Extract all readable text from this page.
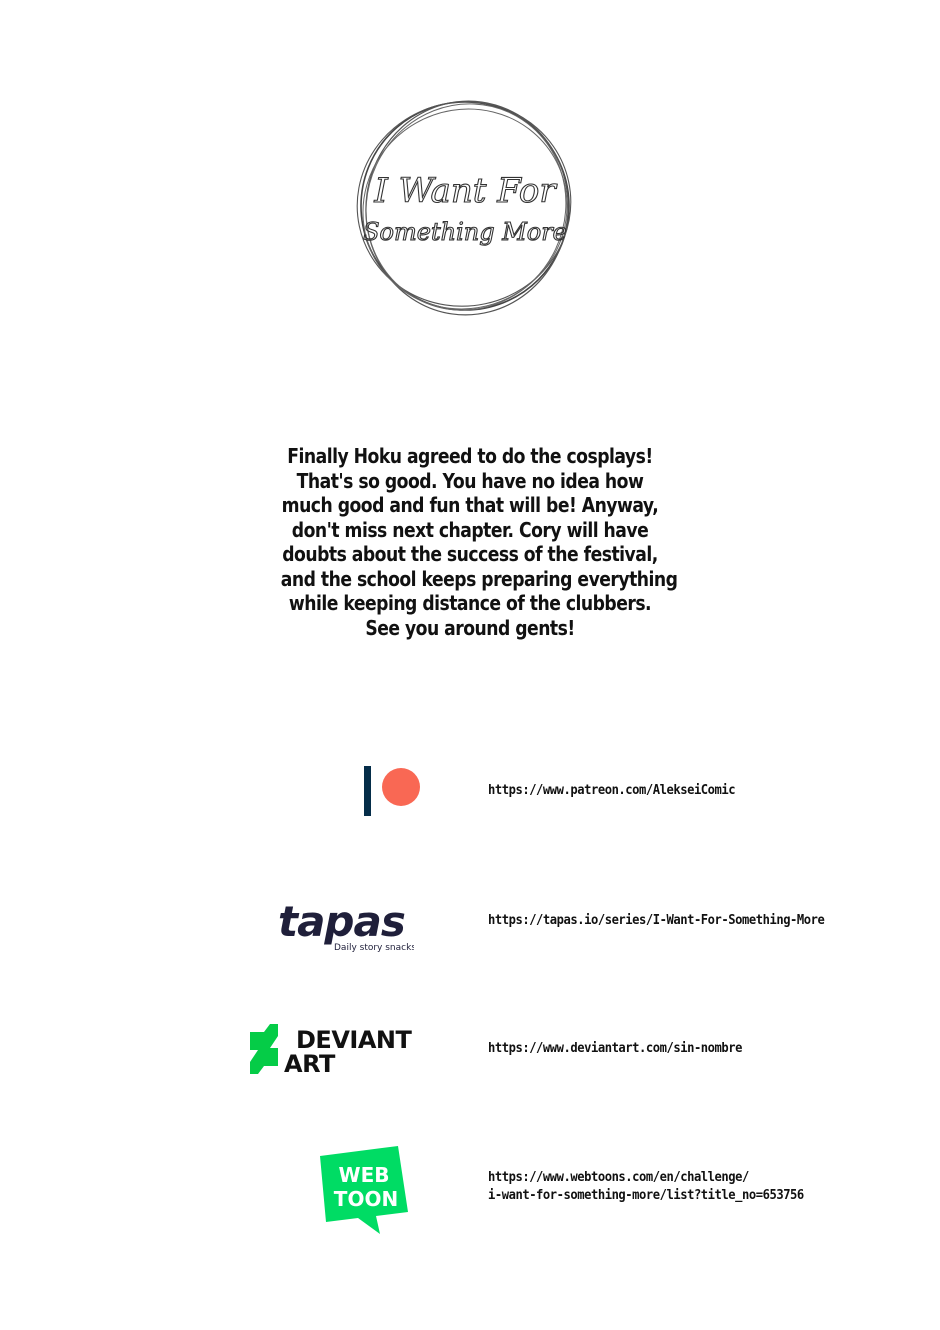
I Want For
Something More
Finally Hoku agreed to do the cosplays!
That's so good. You have no idea how
much good and fun that will be! Anyway,
don't miss next chapter. Cory will have
doubts about the success of the festival,
and the school keeps preparing everything
while keeping distance of the clubbers.
See you around gents!
https://www.patreon.com/AlekseiComic
tapas
Daily story snacks
https://tapas.io/series/I-Want-For-Something-More
DEVIANT
ART
https://www.deviantart.com/sin-nombre
WEB
TOON
https://www.webtoons.com/en/challenge/
i-want-for-something-more/list?title_no=653756
